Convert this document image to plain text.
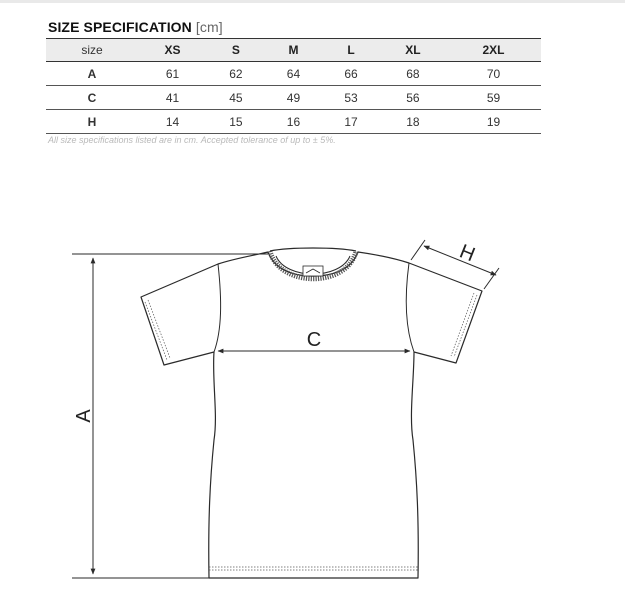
SIZE SPECIFICATION [cm]
size	XS	S	M	L	XL	2XL
A	61	62	64	66	68	70
C	41	45	49	53	56	59
H	14	15	16	17	18	19
All size specifications listed are in cm. Accepted tolerance of up to ± 5%.
A
C
H
